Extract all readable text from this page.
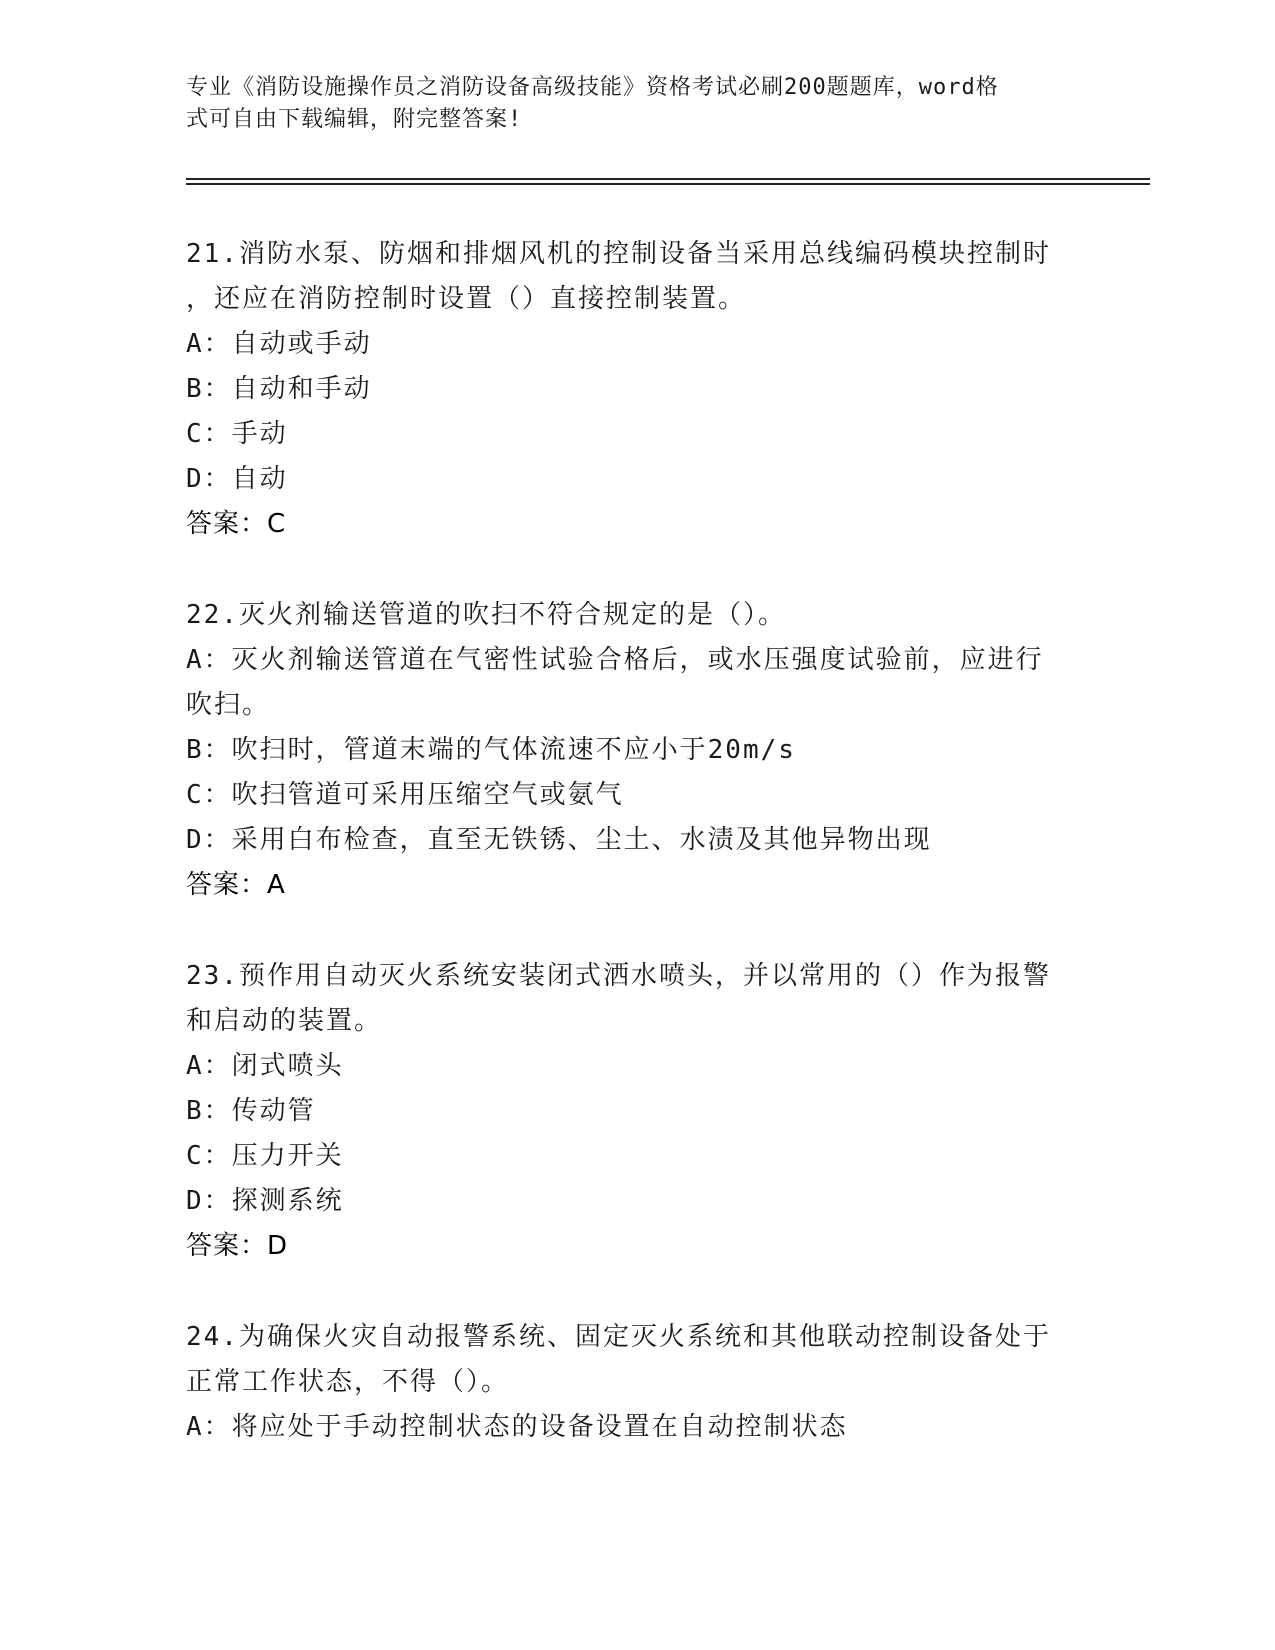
专业《消防设施操作员之消防设备高级技能》资格考试必刷200题题库，word格
式可自由下载编辑，附完整答案!

21.消防水泵、防烟和排烟风机的控制设备当采用总线编码模块控制时

，还应在消防控制时设置（）直接控制装置。

A：自动或手动

B：自动和手动

C：手动

D：自动

答案：C

22.灭火剂输送管道的吹扫不符合规定的是（）。

A：灭火剂输送管道在气密性试验合格后，或水压强度试验前，应进行

吹扫。

B：吹扫时，管道末端的气体流速不应小于20m/s

C：吹扫管道可采用压缩空气或氨气

D：采用白布检查，直至无铁锈、尘土、水渍及其他异物出现

答案：A

23.预作用自动灭火系统安装闭式洒水喷头，并以常用的（）作为报警

和启动的装置。

A：闭式喷头

B：传动管

C：压力开关

D：探测系统

答案：D

24.为确保火灾自动报警系统、固定灭火系统和其他联动控制设备处于

正常工作状态，不得（）。

A：将应处于手动控制状态的设备设置在自动控制状态
